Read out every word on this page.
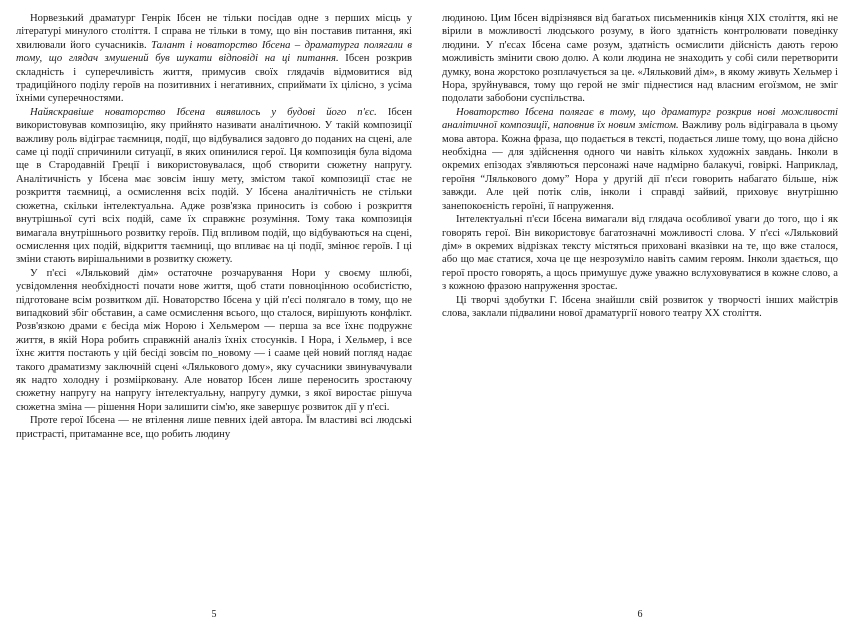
Норвезький драматург Генрік Ібсен не тільки посідав одне з перших місць у літературі минулого століття. І справа не тільки в тому, що він поставив питання, які хвилювали його сучасників. Талант і новаторство Ібсена – драматурга полягали в тому, що глядач змушений був шукати відповіді на ці питання. Ібсен розкрив складність і суперечливість життя, примусив своїх глядачів відмовитися від традиційного поділу героїв на позитивних і негативних, сприймати їх цілісно, з усіма їхніми суперечностями.

Найяскравіше новаторство Ібсена виявилось у будові його п'єс. Ібсен використовував композицію, яку прийнято називати аналітичною. У такій композиції важливу роль відіграє таємниця, події, що відбувалися задовго до поданих на сцені, але саме ці події спричинили ситуації, в яких опинилися герої. Ця композиція була відома ще в Стародавній Греції і використовувалася, щоб створити сюжетну напругу. Аналітичність у Ібсена має зовсім іншу мету, змістом такої композиції стає не розкриття таємниці, а осмислення всіх подій. У Ібсена аналітичність не стільки сюжетна, скільки інтелектуальна. Адже розв'язка приносить із собою і розкриття внутрішньої суті всіх подій, саме їх справжнє розуміння. Тому така композиція вимагала внутрішнього розвитку героїв. Під впливом подій, що відбуваються на сцені, осмислення цих подій, відкриття таємниці, що впливає на ці події, змінює героїв. І ці зміни стають вирішальними в розвитку сюжету.

У п'єсі «Ляльковий дім» остаточне розчарування Нори у своєму шлюбі, усвідомлення необхідності почати нове життя, щоб стати повноцінною особистістю, підготоване всім розвитком дії. Новаторство Ібсена у цій п'єсі полягало в тому, що не випадковий збіг обставин, а саме осмислення всього, що сталося, вирішують конфлікт. Розв'язкою драми є бесіда між Норою і Хельмером — перша за все їхнє подружнє життя, в якій Нора робить справжній аналіз їхніх стосунків. І Нора, і Хельмер, і все їхнє життя постають у цій бесіді зовсім по_новому — і сааме цей новий погляд надає такого драматизму заключній сцені «Лялькового дому», яку сучасники звинувачували як надто холодну і розміірковану. Але новатор Ібсен лише переносить зростаючу сюжетну напругу на напругу інтелектуальну, напругу думки, з якої виростає рішуча сюжетна зміна — рішення Нори залишити сім'ю, яке завершує розвиток дії у п'єсі.

Проте герої Ібсена — не втілення лише певних ідей автора. Їм властиві всі людські пристрасті, притаманне все, що робить людину

5

людиною. Цим Ібсен відрізнявся від багатьох письменників кінця XIX століття, які не вірили в можливості людського розуму, в його здатність контролювати поведінку людини. У п'єсах Ібсена саме розум, здатність осмислити дійсність дають герою можливість змінити свою долю. А коли людина не знаходить у собі сили перетворити думку, вона жорстоко розплачується за це. «Ляльковий дім», в якому живуть Хельмер і Нора, зруйнувався, тому що герой не зміг піднестися над власним егоїзмом, не зміг подолати забобони суспільства.

Новаторство Ібсена полягає в тому, що драматург розкрив нові можливості аналітичної композиції, наповнив їх новим змістом. Важливу роль відігравала в цьому мова автора. Кожна фраза, що подається в тексті, подається лише тому, що вона дійсно необхідна — для здійснення одного чи навіть кількох художніх завдань. Інколи в окремих епізодах з'являються персонажі наче надмірно балакучі, говіркі. Наприклад, героїня “Лялькового дому” Нора у другій дії п'єси говорить набагато більше, ніж завжди. Але цей потік слів, інколи і справді зайвий, приховує внутрішню занепокоєність героїні, її напруження.

Інтелектуальні п'єси Ібсена вимагали від глядача особливої уваги до того, що і як говорять герої. Він використовує багатозначні можливості слова. У п'єсі «Ляльковий дім» в окремих відрізках тексту містяться приховані вказівки на те, що вже сталося, або що має статися, хоча це ще незрозуміло навіть самим героям. Інколи здається, що герої просто говорять, а щось примушує дуже уважно вслуховуватися в кожне слово, а з кожною фразою напруження зростає.

Ці творчі здобутки Г. Ібсена знайшли свій розвиток у творчості інших майстрів слова, заклали підвалини нової драматургії нового театру XX століття.

6
